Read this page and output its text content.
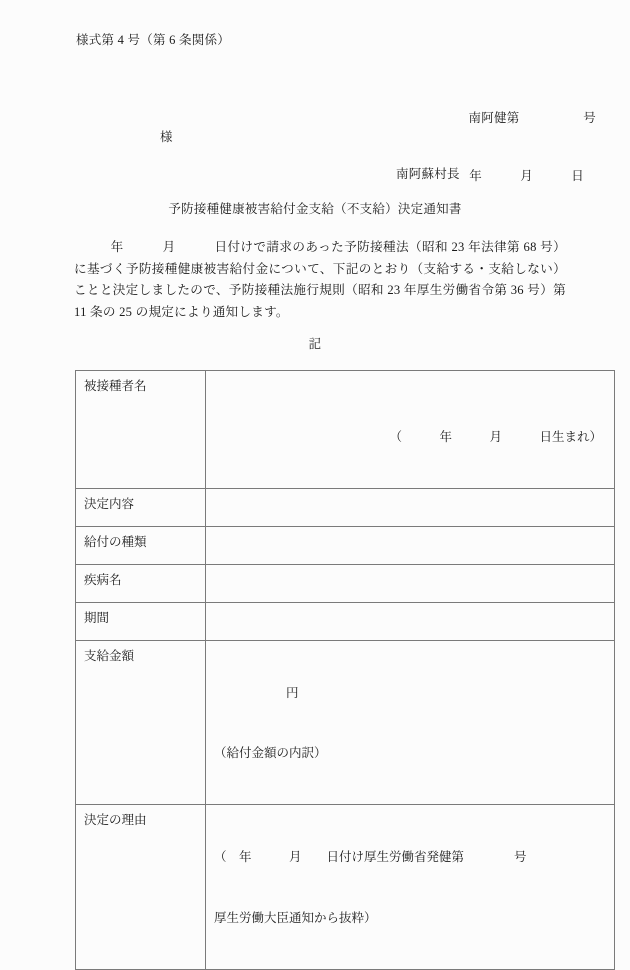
様式第 4 号（第 6 条関係）

南阿健第　　　　　号

年　　　月　　　日

様
南阿蘇村長
予防接種健康被害給付金支給（不支給）決定通知書
年　　　月　　　日付けで請求のあった予防接種法（昭和 23 年法律第 68 号）に基づく予防接種健康被害給付金について、下記のとおり（支給する・支給しない）ことと決定しましたので、予防接種法施行規則（昭和 23 年厚生労働省令第 36 号）第 11 条の 25 の規定により通知します。
記
被接種者名	（　　　年　　　月　　　日生まれ）

決定内容	
給付の種類	
疾病名	
期間	
支給金額	円

（給付金額の内訳）

決定の理由	（　年　　　月　　日付け厚生労働省発健第　　　　号

厚生労働大臣通知から抜粋）
